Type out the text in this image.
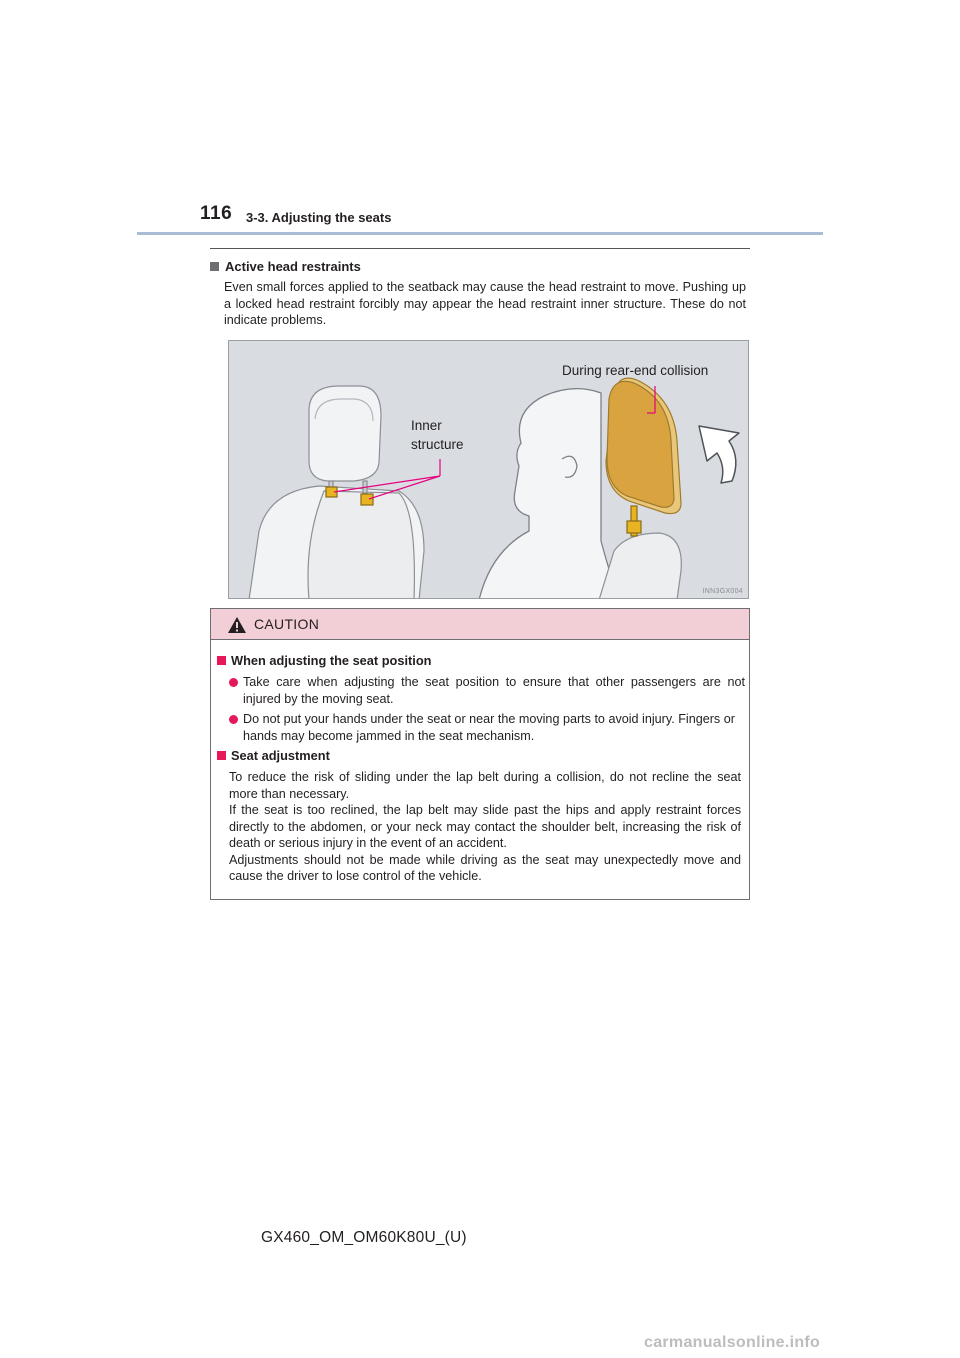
116 3-3. Adjusting the seats
Active head restraints
Even small forces applied to the seatback may cause the head restraint to move. Pushing up a locked head restraint forcibly may appear the head restraint inner structure. These do not indicate problems.
Inner
structure
During rear-end collision
INN3GX004
CAUTION
When adjusting the seat position
Take care when adjusting the seat position to ensure that other passengers are not injured by the moving seat.
Do not put your hands under the seat or near the moving parts to avoid injury. Fingers or hands may become jammed in the seat mechanism.
Seat adjustment
To reduce the risk of sliding under the lap belt during a collision, do not recline the seat more than necessary.
If the seat is too reclined, the lap belt may slide past the hips and apply restraint forces directly to the abdomen, or your neck may contact the shoulder belt, increasing the risk of death or serious injury in the event of an accident.
Adjustments should not be made while driving as the seat may unexpectedly move and cause the driver to lose control of the vehicle.
GX460_OM_OM60K80U_(U)
carmanualsonline.info
